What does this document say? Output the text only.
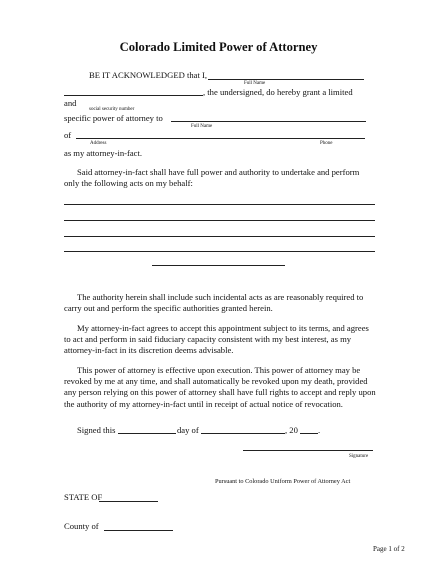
Colorado Limited Power of Attorney
BE IT ACKNOWLEDGED that I,
Full Name
, the undersigned, do hereby grant a limited
and
social security number
specific power of attorney to
Full Name
of
Address	Phone
as my attorney-in-fact.
Said attorney-in-fact shall have full power and authority to undertake and perform only the following acts on my behalf:
The authority herein shall include such incidental acts as are reasonably required to carry out and perform the specific authorities granted herein.
My attorney-in-fact agrees to accept this appointment subject to its terms, and agrees to act and perform in said fiduciary capacity consistent with my best interest, as my attorney-in-fact in its discretion deems advisable.
This power of attorney is effective upon execution. This power of attorney may be revoked by me at any time, and shall automatically be revoked upon my death, provided any person relying on this power of attorney shall have full rights to accept and reply upon the authority of my attorney-in-fact until in receipt of actual notice of revocation.
Signed this	day of	, 20 .
Signature
Pursuant to Colorado Uniform Power of Attorney Act
STATE OF
County of
Page 1 of 2
